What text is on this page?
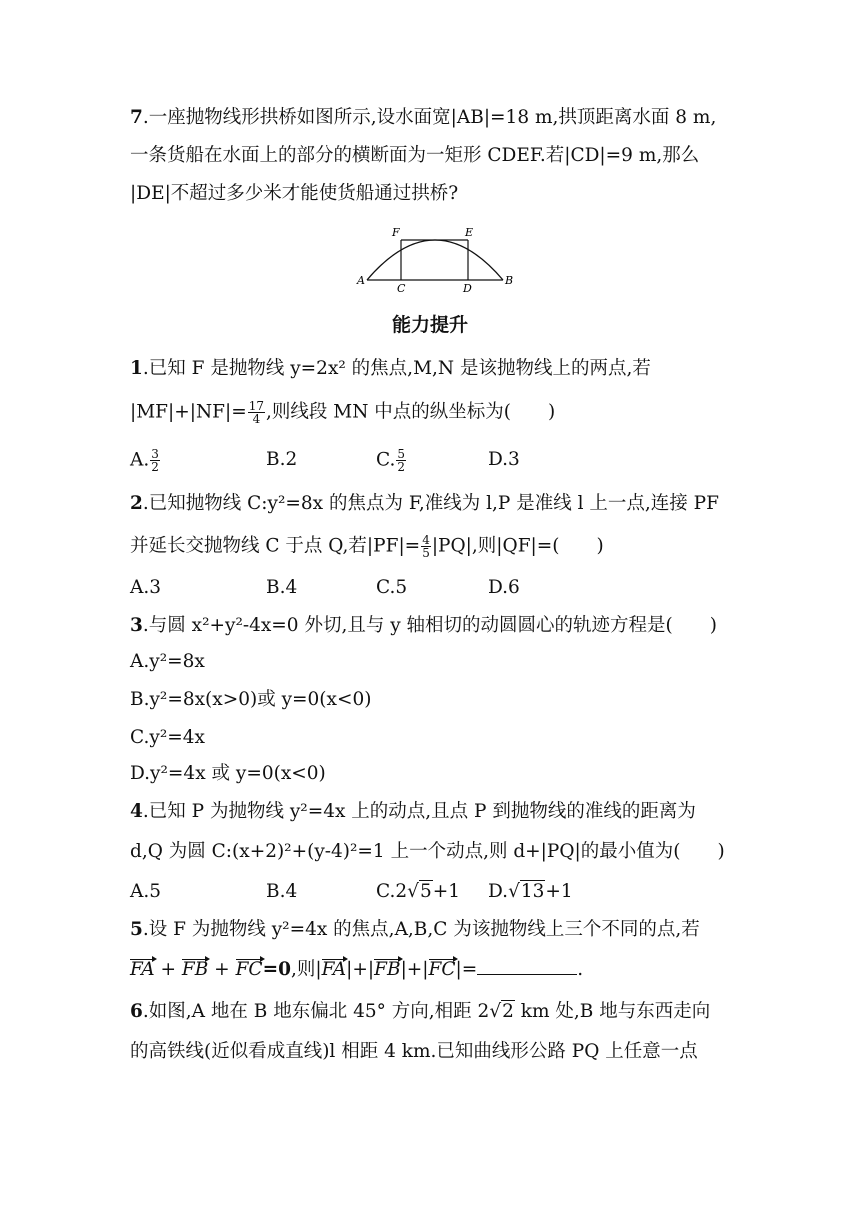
7.一座抛物线形拱桥如图所示,设水面宽|AB|=18 m,拱顶距离水面 8 m,
一条货船在水面上的部分的横断面为一矩形 CDEF.若|CD|=9 m,那么
|DE|不超过多少米才能使货船通过拱桥?
A	B
C	D
E
F
能力提升
1.已知 F 是抛物线 y=2x² 的焦点,M,N 是该抛物线上的两点,若
$|MF|+|NF|= \frac{17}{4}$ ,则线段 MN 中点的纵坐标为(　　)
A. $\frac{3}{2}$	B.2	C. $\frac{5}{2}$	D.3
2.已知抛物线 C:y²=8x 的焦点为 F,准线为 l,P 是准线 l 上一点,连接 PF
并延长交抛物线 C 于点 Q,若$|PF|= \frac{4}{5} |PQ|$,则|QF|=(　　)
A.3	B.4	C.5	D.6
3.与圆 x²+y²-4x=0 外切,且与 y 轴相切的动圆圆心的轨迹方程是(　　)
A.y²=8x
B.y²=8x(x>0)或 y=0(x<0)
C.y²=4x
D.y²=4x 或 y=0(x<0)
4.已知 P 为抛物线 y²=4x 上的动点,且点 P 到抛物线的准线的距离为
d,Q 为圆 C:(x+2)²+(y-4)²=1 上一个动点,则 d+|PQ|的最小值为(　　)
A.5	B.4	C.2√5+1 D.√13+1
5.设 F 为抛物线 y²=4x 的焦点,A,B,C 为该抛物线上三个不同的点,若
FA + FB + FC=0,则|FA|+|FB|+|FC|=	.
6.如图,A 地在 B 地东偏北 45° 方向,相距 2√2 km 处,B 地与东西走向
的高铁线(近似看成直线)l 相距 4 km.已知曲线形公路 PQ 上任意一点
